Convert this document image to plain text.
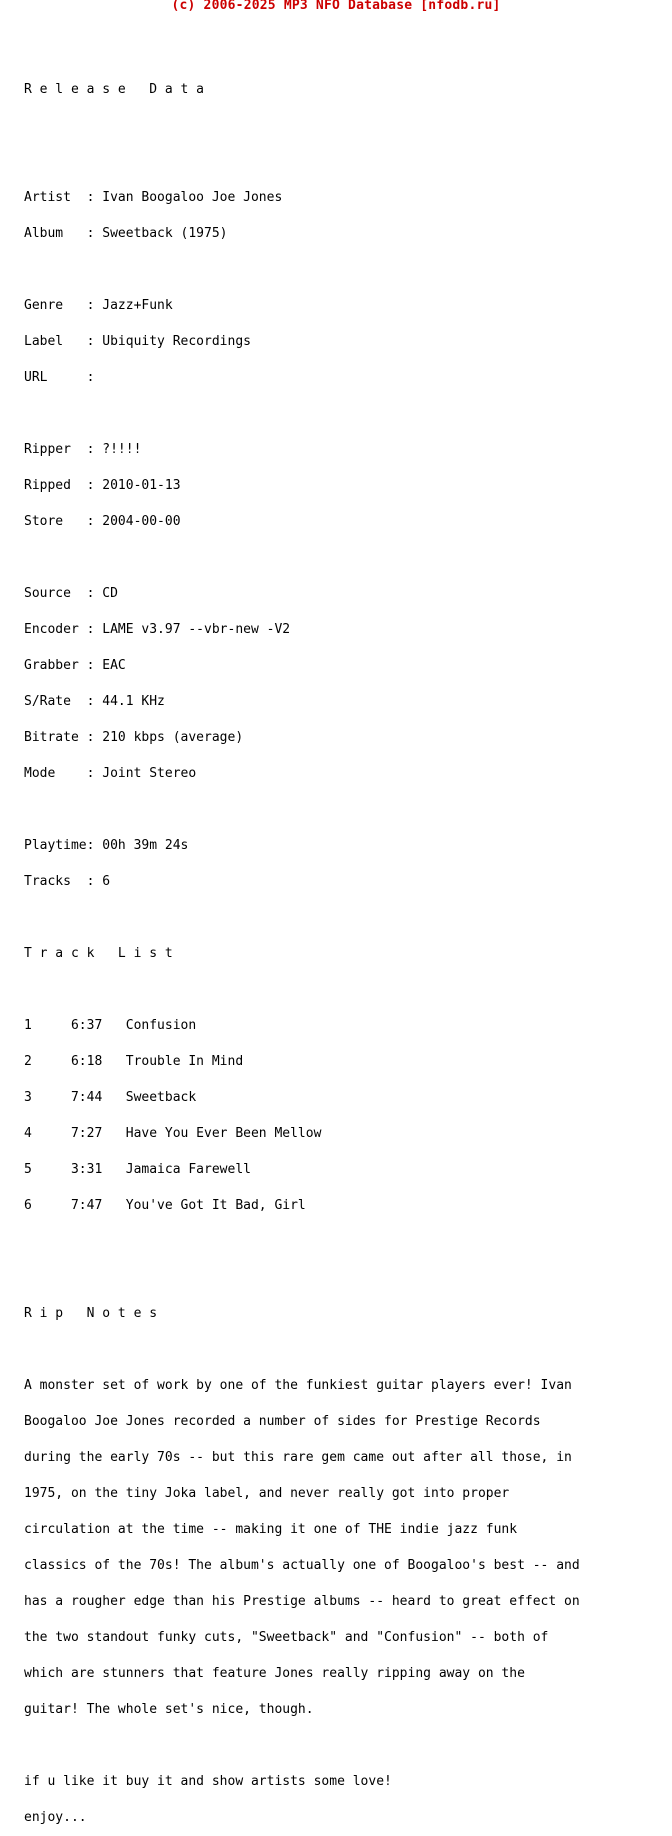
(c) 2006-2025 MP3 NFO Database [nfodb.ru]

R e l e a s e   D a t a

Artist  : Ivan Boogaloo Joe Jones

Album   : Sweetback (1975)

Genre   : Jazz+Funk

Label   : Ubiquity Recordings

URL     :

Ripper  : ?!!!!

Ripped  : 2010-01-13

Store   : 2004-00-00

Source  : CD

Encoder : LAME v3.97 --vbr-new -V2

Grabber : EAC

S/Rate  : 44.1 KHz

Bitrate : 210 kbps (average)

Mode    : Joint Stereo

Playtime: 00h 39m 24s

Tracks  : 6

T r a c k   L i s t

1     6:37   Confusion

2     6:18   Trouble In Mind

3     7:44   Sweetback

4     7:27   Have You Ever Been Mellow

5     3:31   Jamaica Farewell

6     7:47   You've Got It Bad, Girl

R i p   N o t e s

A monster set of work by one of the funkiest guitar players ever! Ivan

Boogaloo Joe Jones recorded a number of sides for Prestige Records

during the early 70s -- but this rare gem came out after all those, in

1975, on the tiny Joka label, and never really got into proper

circulation at the time -- making it one of THE indie jazz funk

classics of the 70s! The album's actually one of Boogaloo's best -- and

has a rougher edge than his Prestige albums -- heard to great effect on

the two standout funky cuts, "Sweetback" and "Confusion" -- both of

which are stunners that feature Jones really ripping away on the

guitar! The whole set's nice, though.

if u like it buy it and show artists some love!

enjoy...
